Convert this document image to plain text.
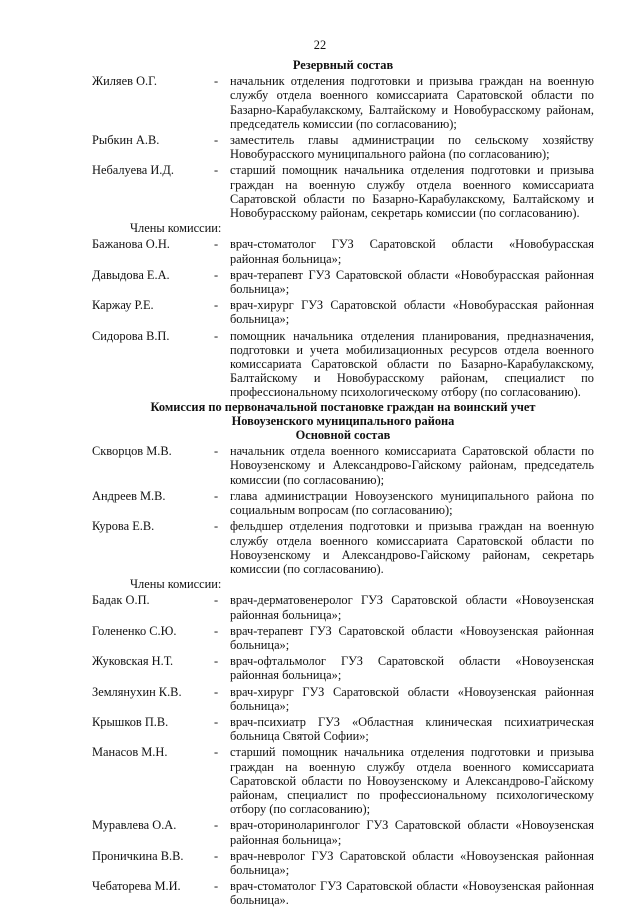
22
Резервный состав
Жиляев О.Г.	- начальник отделения подготовки и призыва граждан на военную службу отдела военного комиссариата Саратовской области по Базарно-Карабулакскому, Балтайскому и Новобурасскому районам, председатель комиссии (по согласованию);
Рыбкин А.В.	- заместитель главы администрации по сельскому хозяйству Новобурасского муниципального района (по согласованию);
Небалуева И.Д.	- старший помощник начальника отделения подготовки и призыва граждан на военную службу отдела военного комиссариата Саратовской области по Базарно-Карабулакскому, Балтайскому и Новобурасскому районам, секретарь комиссии (по согласованию).
Члены комиссии:
Бажанова О.Н.	- врач-стоматолог ГУЗ Саратовской области «Новобурасская районная больница»;
Давыдова Е.А.	- врач-терапевт ГУЗ Саратовской области «Новобурасская районная больница»;
Каржау Р.Е.	- врач-хирург ГУЗ Саратовской области «Новобурасская районная больница»;
Сидорова В.П.	- помощник начальника отделения планирования, предназначения, подготовки и учета мобилизационных ресурсов отдела военного комиссариата Саратовской области по Базарно-Карабулакскому, Балтайскому и Новобурасскому районам, специалист по профессиональному психологическому отбору (по согласованию).
Комиссия по первоначальной постановке граждан на воинский учет
Новоузенского муниципального района
Основной состав
Скворцов М.В.	- начальник отдела военного комиссариата Саратовской области по Новоузенскому и Александрово-Гайскому районам, председатель комиссии (по согласованию);
Андреев М.В.	- глава администрации Новоузенского муниципального района по социальным вопросам (по согласованию);
Курова Е.В.	- фельдшер отделения подготовки и призыва граждан на военную службу отдела военного комиссариата Саратовской области по Новоузенскому и Александрово-Гайскому районам, секретарь комиссии (по согласованию).
Члены комиссии:
Бадак О.П.	- врач-дерматовенеролог ГУЗ Саратовской области «Новоузенская районная больница»;
Голененко С.Ю.	- врач-терапевт ГУЗ Саратовской области «Новоузенская районная больница»;
Жуковская Н.Т.	- врач-офтальмолог ГУЗ Саратовской области «Новоузенская районная больница»;
Землянухин К.В.	- врач-хирург ГУЗ Саратовской области «Новоузенская районная больница»;
Крышков П.В.	- врач-психиатр ГУЗ «Областная клиническая психиатрическая больница Святой Софии»;
Манасов М.Н.	- старший помощник начальника отделения подготовки и призыва граждан на военную службу отдела военного комиссариата Саратовской области по Новоузенскому и Александрово-Гайскому районам, специалист по профессиональному психологическому отбору (по согласованию);
Муравлева О.А.	- врач-оториноларинголог ГУЗ Саратовской области «Новоузенская районная больница»;
Проничкина В.В.	- врач-невролог ГУЗ Саратовской области «Новоузенская районная больница»;
Чебаторева М.И.	- врач-стоматолог ГУЗ Саратовской области «Новоузенская районная больница».
